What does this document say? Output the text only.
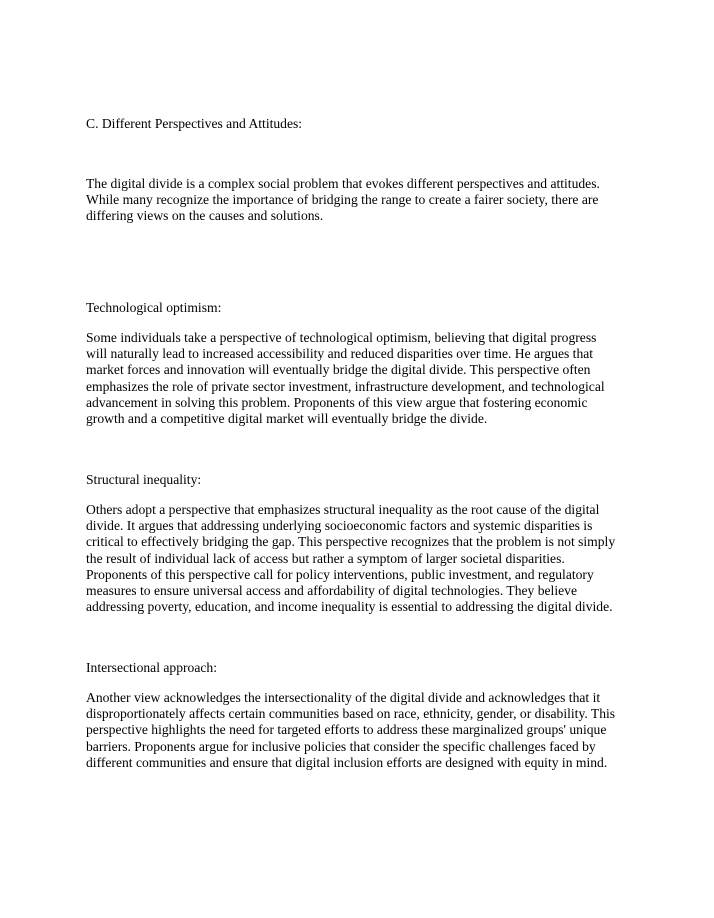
C. Different Perspectives and Attitudes:

The digital divide is a complex social problem that evokes different perspectives and attitudes.
While many recognize the importance of bridging the range to create a fairer society, there are
differing views on the causes and solutions.

Technological optimism:

Some individuals take a perspective of technological optimism, believing that digital progress
will naturally lead to increased accessibility and reduced disparities over time. He argues that
market forces and innovation will eventually bridge the digital divide. This perspective often
emphasizes the role of private sector investment, infrastructure development, and technological
advancement in solving this problem. Proponents of this view argue that fostering economic
growth and a competitive digital market will eventually bridge the divide.

Structural inequality:

Others adopt a perspective that emphasizes structural inequality as the root cause of the digital
divide. It argues that addressing underlying socioeconomic factors and systemic disparities is
critical to effectively bridging the gap. This perspective recognizes that the problem is not simply
the result of individual lack of access but rather a symptom of larger societal disparities.
Proponents of this perspective call for policy interventions, public investment, and regulatory
measures to ensure universal access and affordability of digital technologies. They believe
addressing poverty, education, and income inequality is essential to addressing the digital divide.

Intersectional approach:

Another view acknowledges the intersectionality of the digital divide and acknowledges that it
disproportionately affects certain communities based on race, ethnicity, gender, or disability. This
perspective highlights the need for targeted efforts to address these marginalized groups' unique
barriers. Proponents argue for inclusive policies that consider the specific challenges faced by
different communities and ensure that digital inclusion efforts are designed with equity in mind.
